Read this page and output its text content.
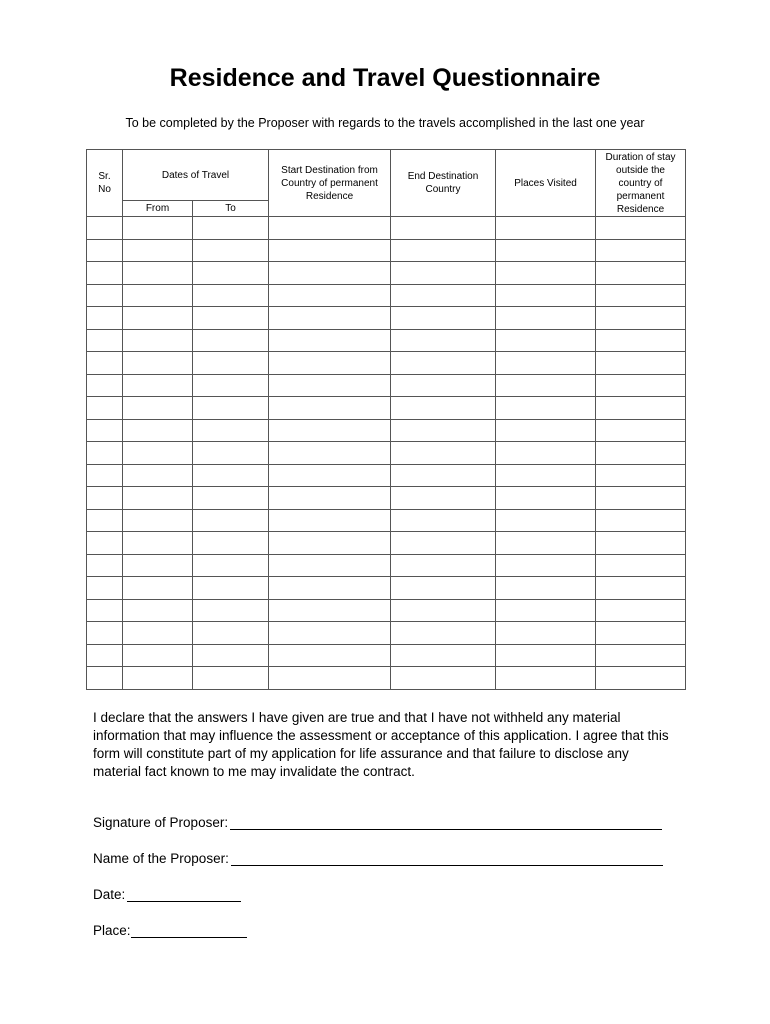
Residence and Travel Questionnaire

To be completed by the Proposer with regards to the travels accomplished in the last one year

Sr. No	Dates of Travel		Start Destination from Country of permanent Residence	End Destination Country	Places Visited	Duration of stay outside the country of permanent Residence
	From	To				

I declare that the answers I have given are true and that I have not withheld any material information that may influence the assessment or acceptance of this application. I agree that this form will constitute part of my application for life assurance and that failure to disclose any material fact known to me may invalidate the contract.

Signature of Proposer:
Name of the Proposer:
Date:
Place:
